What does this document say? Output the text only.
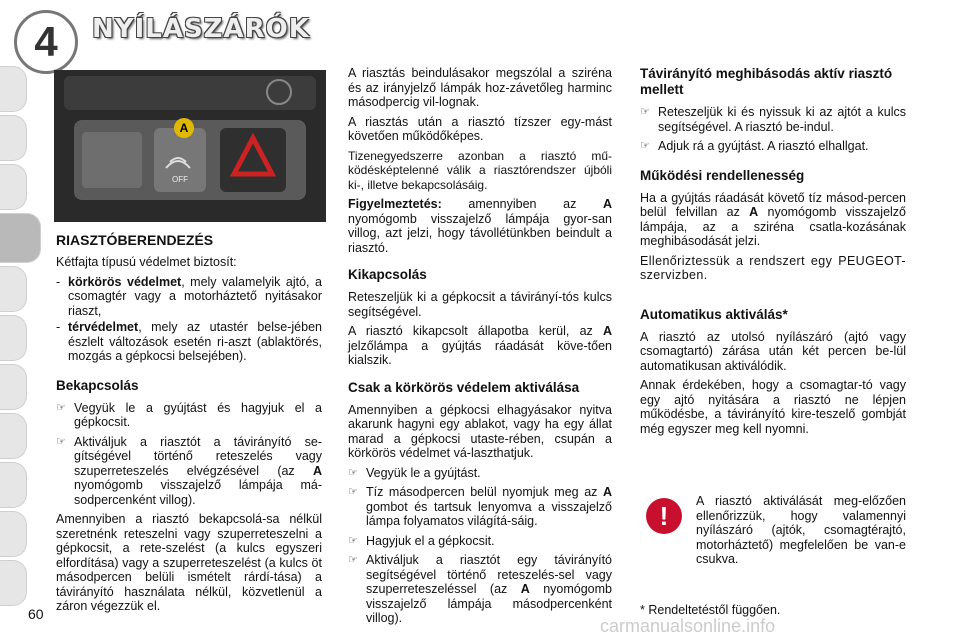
4	NYÍLÁSZÁRÓK
A
OFF
RIASZTÓBERENDEZÉS

Kétfajta típusú védelmet biztosít:

- körkörös védelmet, mely valamelyik ajtó, a csomagtér vagy a motorháztető nyitásakor riaszt,
- térvédelmet, mely az utastér belse-jében észlelt változások esetén ri-aszt (ablaktörés, mozgás a gépkocsi belsejében).
Bekapcsolás
☞ Vegyük le a gyújtást és hagyjuk el a gépkocsit.
☞ Aktiváljuk a riasztót a távirányító se-gítségével történő reteszelés vagy szuperreteszelés elvégzésével (az A nyomógomb visszajelző lámpája má-sodpercenként villog).

Amennyiben a riasztó bekapcsolá-sa nélkül szeretnénk reteszelni vagy szuperreteszelni a gépkocsit, a rete-szelést (a kulcs egyszeri elfordítása) vagy a szuperreteszelést (a kulcs öt másodpercen belüli ismételt rárdí-tása) a távirányító használata nélkül, közvetlenül a záron végezzük el.

A riasztás beindulásakor megszólal a sziréna és az irányjelző lámpák hoz-závetőleg harminc másodpercig vil-lognak.

A riasztás után a riasztó tízszer egy-mást követően működőképes.

Tizenegyedszerre azonban a riasztó mű-ködésképtelenné válik a riasztórendszer újbóli ki-, illetve bekapcsolásáig.

Figyelmeztetés: amennyiben az A nyomógomb visszajelző lámpája gyor-san villog, azt jelzi, hogy távollétünkben beindult a riasztó.

Kikapcsolás

Reteszeljük ki a gépkocsit a távirányí-tós kulcs segítségével.

A riasztó kikapcsolt állapotba kerül, az A jelzőlámpa a gyújtás ráadását köve-tően kialszik.

Csak a körkörös védelem aktiválása

Amennyiben a gépkocsi elhagyásakor nyitva akarunk hagyni egy ablakot, vagy ha egy állat marad a gépkocsi utaste-rében, csupán a körkörös védelmet vá-laszthatjuk.

☞ Vegyük le a gyújtást.
☞ Tíz másodpercen belül nyomjuk meg az A gombot és tartsuk lenyomva a visszajelző lámpa folyamatos világítá-sáig.
☞ Hagyjuk el a gépkocsit.
☞ Aktiváljuk a riasztót egy távirányító segítségével történő reteszelés-sel vagy szuperreteszeléssel (az A nyomógomb visszajelző lámpája másodpercenként villog).
Távirányító meghibásodás aktív riasztó mellett
☞ Reteszeljük ki és nyissuk ki az ajtót a kulcs segítségével. A riasztó be-indul.
☞ Adjuk rá a gyújtást. A riasztó elhallgat.
Működési rendellenesség

Ha a gyújtás ráadását követő tíz másod-percen belül felvillan az A nyomógomb visszajelző lámpája, az a sziréna csatla-kozásának meghibásodását jelzi.

Ellenőriztessük a rendszert egy PEUGEOT-szervizben.

Automatikus aktiválás*

A riasztó az utolsó nyílászáró (ajtó vagy csomagtartó) zárása után két percen be-lül automatikusan aktiválódik.

Annak érdekében, hogy a csomagtar-tó vagy egy ajtó nyitására a riasztó ne lépjen működésbe, a távirányító kire-teszelő gombját még egyszer meg kell nyomni.

!	A riasztó aktiválását meg-előzően ellenőrizzük, hogy valamennyi nyílászáró (ajtók, csomagtérajtó, motorháztető) megfelelően be van-e csukva.
* Rendeltetéstől függően.
60
carmanualsonline.info
